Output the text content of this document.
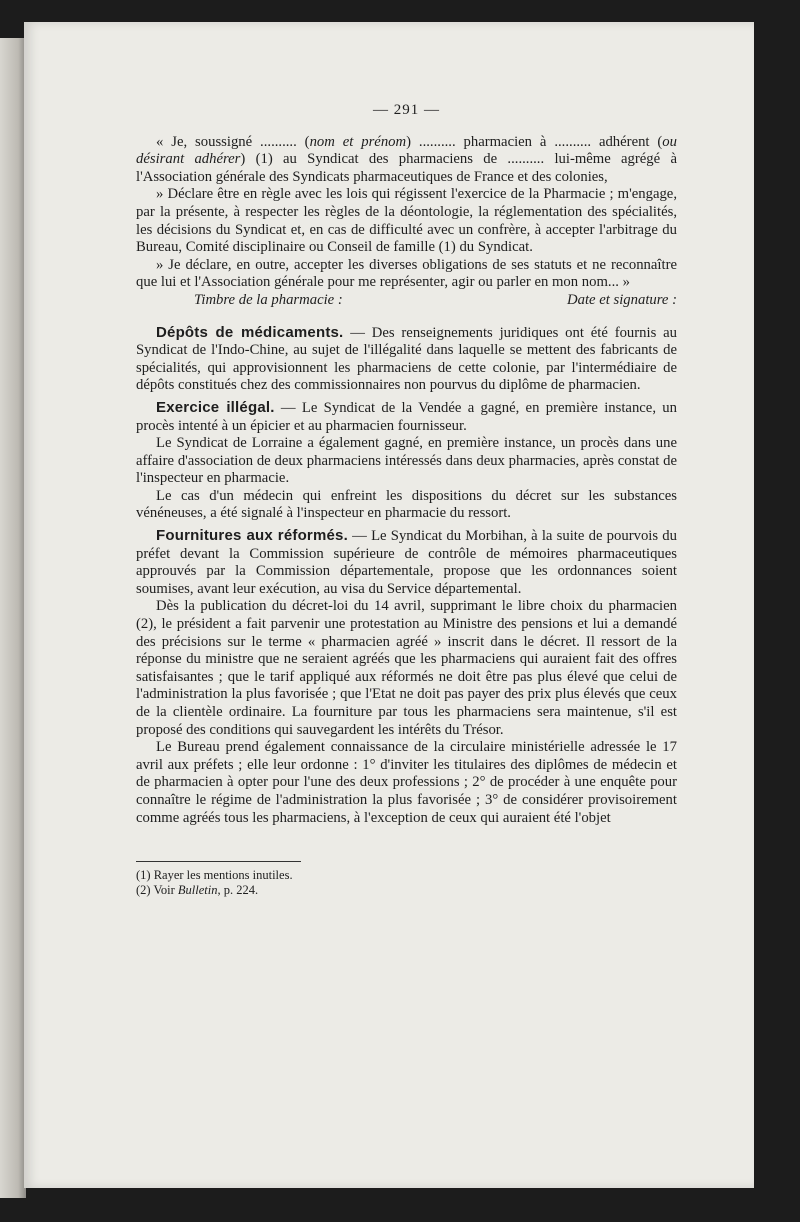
— 291 —

« Je, soussigné .......... (nom et prénom) .......... pharmacien à .......... adhérent (ou désirant adhérer) (1) au Syndicat des pharmaciens de .......... lui-même agrégé à l'Association générale des Syndicats pharmaceutiques de France et des colonies,

» Déclare être en règle avec les lois qui régissent l'exercice de la Pharmacie ; m'engage, par la présente, à respecter les règles de la déontologie, la réglementation des spécialités, les décisions du Syndicat et, en cas de difficulté avec un confrère, à accepter l'arbitrage du Bureau, Comité disciplinaire ou Conseil de famille (1) du Syndicat.

» Je déclare, en outre, accepter les diverses obligations de ses statuts et ne reconnaître que lui et l'Association générale pour me représenter, agir ou parler en mon nom... »

Timbre de la pharmacie :	Date et signature :

Dépôts de médicaments. — Des renseignements juridiques ont été fournis au Syndicat de l'Indo-Chine, au sujet de l'illégalité dans laquelle se mettent des fabricants de spécialités, qui approvisionnent les pharmaciens de cette colonie, par l'intermédiaire de dépôts constitués chez des commissionnaires non pourvus du diplôme de pharmacien.

Exercice illégal. — Le Syndicat de la Vendée a gagné, en première instance, un procès intenté à un épicier et au pharmacien fournisseur.

Le Syndicat de Lorraine a également gagné, en première instance, un procès dans une affaire d'association de deux pharmaciens intéressés dans deux pharmacies, après constat de l'inspecteur en pharmacie.

Le cas d'un médecin qui enfreint les dispositions du décret sur les substances vénéneuses, a été signalé à l'inspecteur en pharmacie du ressort.

Fournitures aux réformés. — Le Syndicat du Morbihan, à la suite de pourvois du préfet devant la Commission supérieure de contrôle de mémoires pharmaceutiques approuvés par la Commission départementale, propose que les ordonnances soient soumises, avant leur exécution, au visa du Service départemental.

Dès la publication du décret-loi du 14 avril, supprimant le libre choix du pharmacien (2), le président a fait parvenir une protestation au Ministre des pensions et lui a demandé des précisions sur le terme « pharmacien agréé » inscrit dans le décret. Il ressort de la réponse du ministre que ne seraient agréés que les pharmaciens qui auraient fait des offres satisfaisantes ; que le tarif appliqué aux réformés ne doit être pas plus élevé que celui de l'administration la plus favorisée ; que l'Etat ne doit pas payer des prix plus élevés que ceux de la clientèle ordinaire. La fourniture par tous les pharmaciens sera maintenue, s'il est proposé des conditions qui sauvegardent les intérêts du Trésor.

Le Bureau prend également connaissance de la circulaire ministérielle adressée le 17 avril aux préfets ; elle leur ordonne : 1° d'inviter les titulaires des diplômes de médecin et de pharmacien à opter pour l'une des deux professions ; 2° de procéder à une enquête pour connaître le régime de l'administration la plus favorisée ; 3° de considérer provisoirement comme agréés tous les pharmaciens, à l'exception de ceux qui auraient été l'objet

(1) Rayer les mentions inutiles.

(2) Voir Bulletin, p. 224.
